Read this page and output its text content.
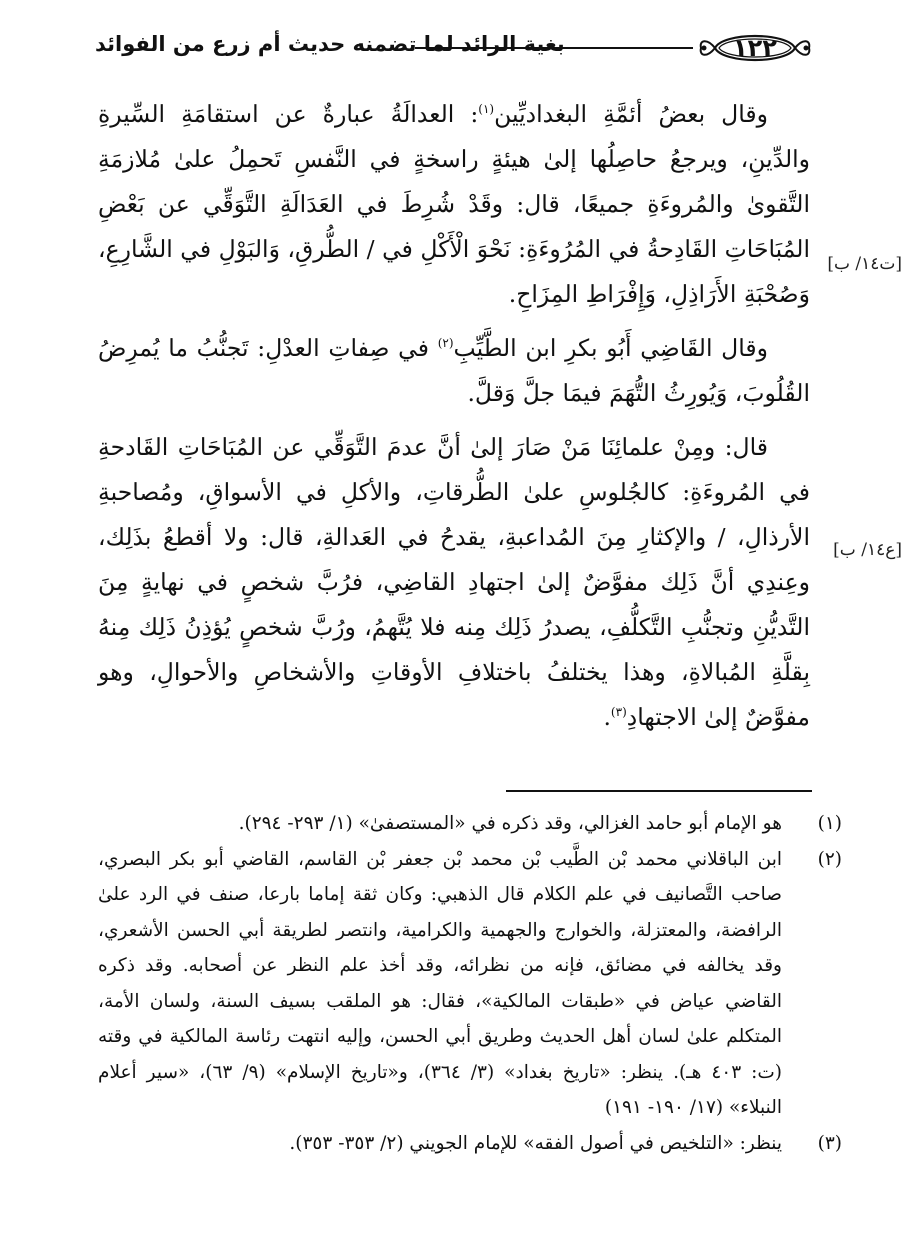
١٢٢
بغية الرائد لما تضمنه حديث أم زرع من الفوائد
[ت١٤/ ب]
[ع١٤/ ب]

وقال بعضُ أئمَّةِ البغداديِّين$^{(١)}$: العدالَةُ عبارةٌ عن استقامَةِ السِّيرةِ والدِّينِ، ويرجعُ حاصِلُها إلىٰ هيئةٍ راسخةٍ في النَّفسِ تَحمِلُ علىٰ مُلازمَةِ التَّقوىٰ والمُروءَةِ جميعًا، قال: وقَدْ شُرِطَ في العَدَالَةِ التَّوَقِّي عن بَعْضِ المُبَاحَاتِ القَادِحةُ في المُرُوءَةِ: نَحْوَ الْأَكْلِ في / الطُّرقِ، وَالبَوْلِ في الشَّارِعِ، وَصُحْبَةِ الأَرَاذِلِ، وَإِفْرَاطِ المِزَاحِ.

وقال القَاضِي أَبُو بكرِ ابن الطَّيِّبِ$^{(٢)}$ في صِفاتِ العدْلِ: تَجنُّبُ ما يُمرِضُ القُلُوبَ، وَيُورِثُ التُّهَمَ فيمَا جلَّ وَقلَّ.

قال: ومِنْ علمائِنَا مَنْ صَارَ إلىٰ أنَّ عدمَ التَّوَقِّي عن المُبَاحَاتِ القَادحةِ في المُروءَةِ: كالجُلوسِ علىٰ الطُّرقاتِ، والأكلِ في الأسواقِ، ومُصاحبةِ الأرذالِ، / والإكثارِ مِنَ المُداعبةِ، يقدحُ في العَدالةِ، قال: ولا أقطعُ بذَلِك، وعِندِي أنَّ ذَلِك مفوَّضٌ إلىٰ اجتهادِ القاضِي، فرُبَّ شخصٍ في نهايةٍ مِنَ التَّديُّنِ وتجنُّبِ التَّكلُّفِ، يصدرُ ذَلِك مِنه فلا يُتَّهمُ، ورُبَّ شخصٍ يُؤذِنُ ذَلِك مِنهُ بِقلَّةِ المُبالاةِ، وهذا يختلفُ باختلافِ الأوقاتِ والأشخاصِ والأحوالِ، وهو مفوَّضٌ إلىٰ الاجتهادِ$^{(٣)}$.

(١)هو الإمام أبو حامد الغزالي، وقد ذكره في «المستصفىٰ» (١/ ٢٩٣- ٢٩٤).

(٢)ابن الباقلاني محمد بْن الطَّيب بْن محمد بْن جعفر بْن القاسم، القاضي أبو بكر البصري، صاحب التَّصانيف في علم الكلام قال الذهبي: وكان ثقة إماما بارعا، صنف في الرد علىٰ الرافضة، والمعتزلة، والخوارج والجهمية والكرامية، وانتصر لطريقة أبي الحسن الأشعري، وقد يخالفه في مضائق، فإنه من نظرائه، وقد أخذ علم النظر عن أصحابه. وقد ذكره القاضي عياض في «طبقات المالكية»، فقال: هو الملقب بسيف السنة، ولسان الأمة، المتكلم علىٰ لسان أهل الحديث وطريق أبي الحسن، وإليه انتهت رئاسة المالكية في وقته (ت: ٤٠٣ هـ). ينظر: «تاريخ بغداد» (٣/ ٣٦٤)، و«تاريخ الإسلام» (٩/ ٦٣)، «سير أعلام النبلاء» (١٧/ ١٩٠- ١٩١)

(٣)ينظر: «التلخيص في أصول الفقه» للإمام الجويني (٢/ ٣٥٣- ٣٥٣).
